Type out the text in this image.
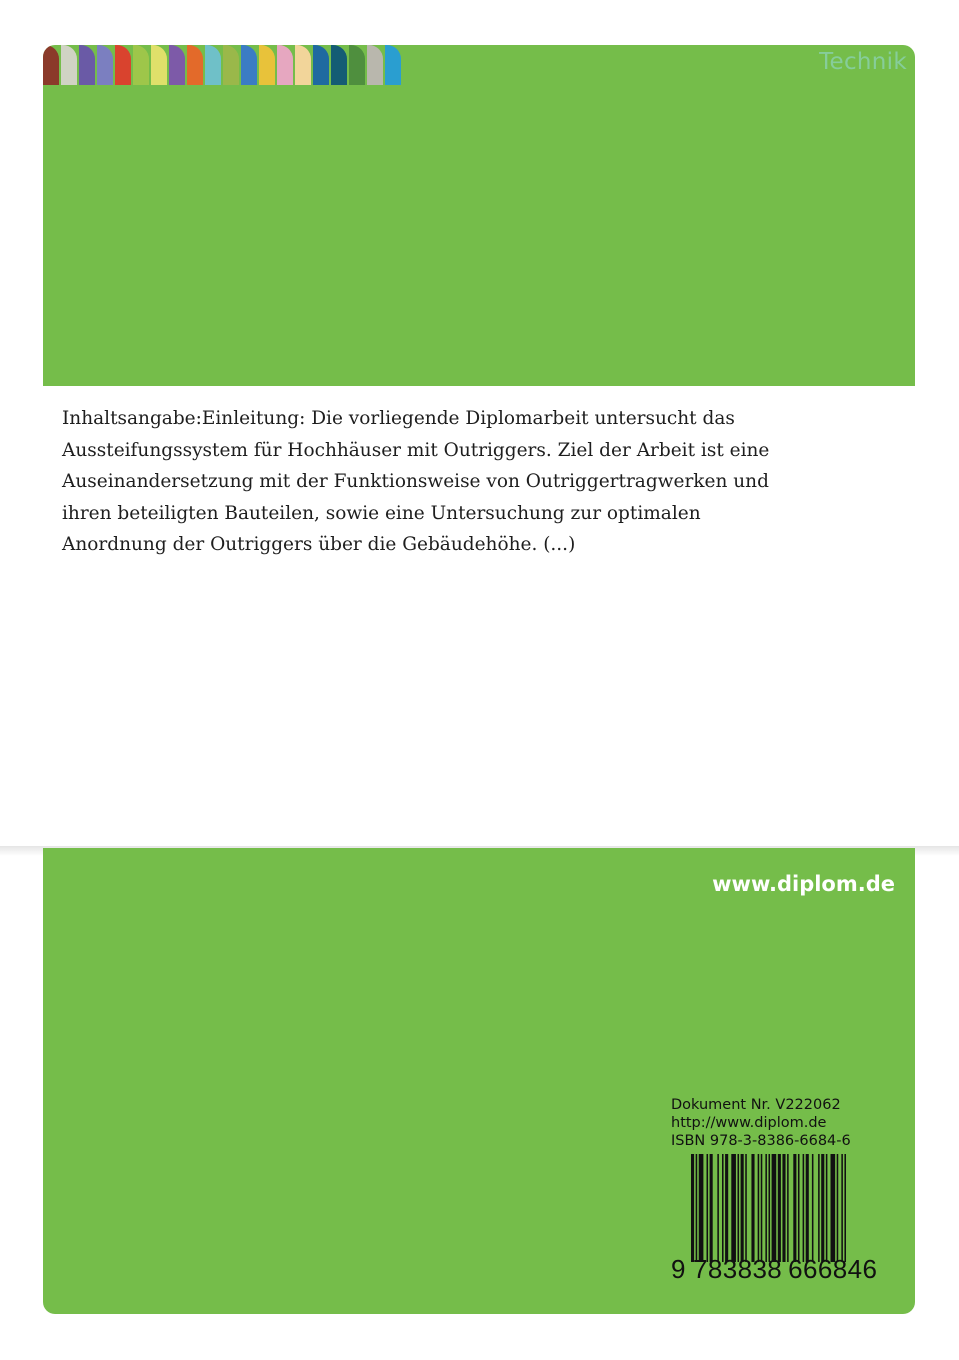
Technik

Inhaltsangabe:Einleitung: Die vorliegende Diplomarbeit untersucht das Aussteifungssystem für Hochhäuser mit Outriggers. Ziel der Arbeit ist eine Auseinandersetzung mit der Funktionsweise von Outriggertragwerken und ihren beteiligten Bauteilen, sowie eine Untersuchung zur optimalen Anordnung der Outriggers über die Gebäudehöhe. (...)

www.diplom.de
Dokument Nr. V222062
http://www.diplom.de
ISBN 978-3-8386-6684-6
9 783838 666846
